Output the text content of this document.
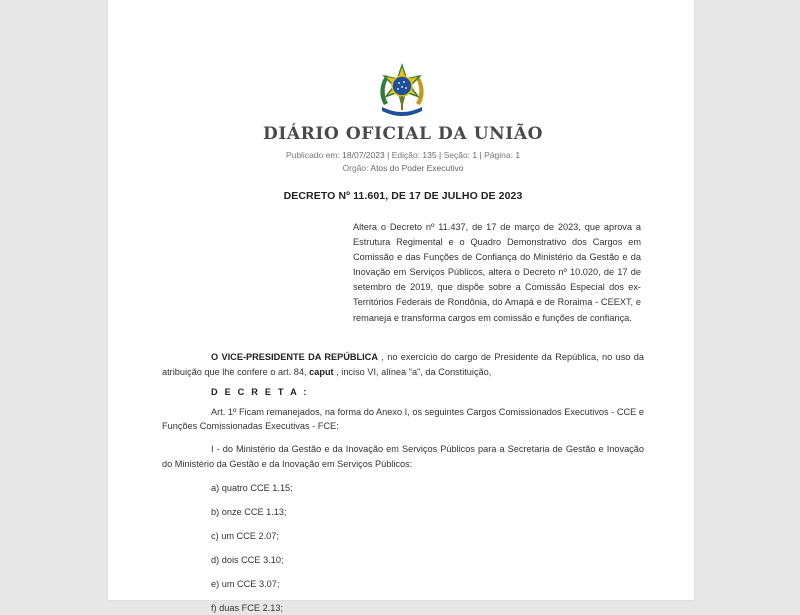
DIÁRIO OFICIAL DA UNIÃO
Publicado em: 18/07/2023 | Edição: 135 | Seção: 1 | Página: 1
Órgão: Atos do Poder Executivo
DECRETO Nº 11.601, DE 17 DE JULHO DE 2023
Altera o Decreto nº 11.437, de 17 de março de 2023, que aprova a Estrutura Regimental e o Quadro Demonstrativo dos Cargos em Comissão e das Funções de Confiança do Ministério da Gestão e da Inovação em Serviços Públicos, altera o Decreto nº 10.020, de 17 de setembro de 2019, que dispõe sobre a Comissão Especial dos ex-Territórios Federais de Rondônia, do Amapá e de Roraima - CEEXT, e remaneja e transforma cargos em comissão e funções de confiança.

O VICE-PRESIDENTE DA REPÚBLICA , no exercício do cargo de Presidente da República, no uso da atribuição que lhe confere o art. 84, caput , inciso VI, alínea "a", da Constituição,

D E C R E T A :

Art. 1º Ficam remanejados, na forma do Anexo I, os seguintes Cargos Comissionados Executivos - CCE e Funções Comissionadas Executivas - FCE:

I - do Ministério da Gestão e da Inovação em Serviços Públicos para a Secretaria de Gestão e Inovação do Ministério da Gestão e da Inovação em Serviços Públicos:

a) quatro CCE 1.15;

b) onze CCE 1.13;

c) um CCE 2.07;

d) dois CCE 3.10;

e) um CCE 3.07;

f) duas FCE 2.13;
